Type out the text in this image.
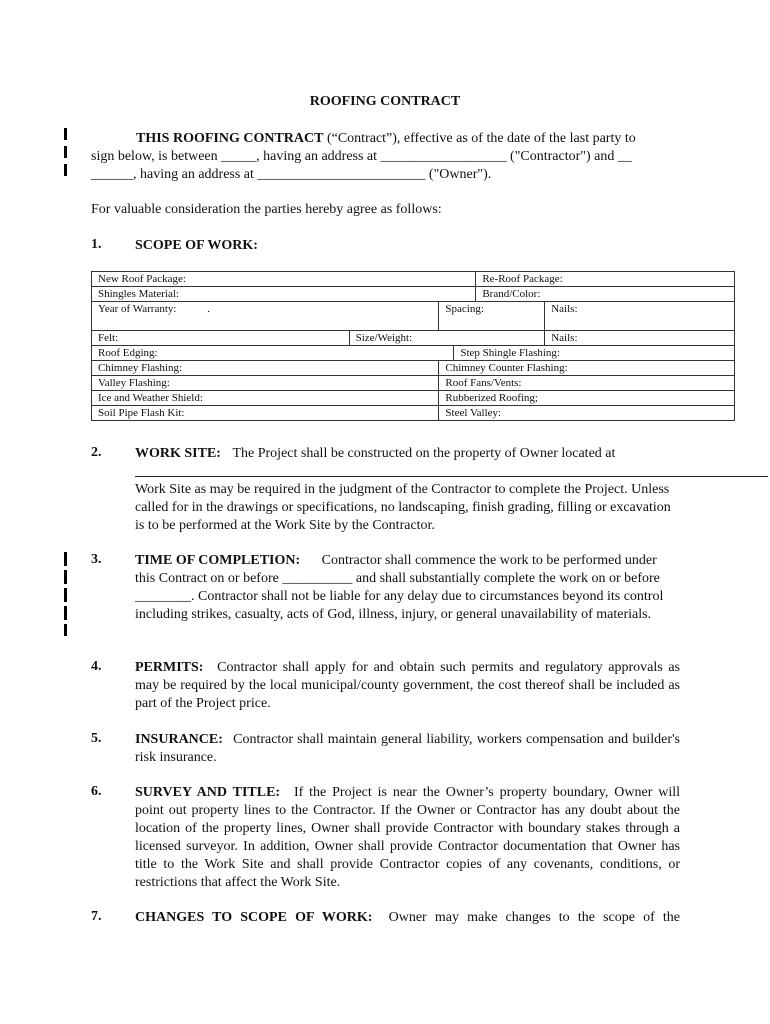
ROOFING CONTRACT
THIS ROOFING CONTRACT (“Contract”), effective as of the date of the last party to
sign below, is between _____, having an address at __________________ ("Contractor") and __
______, having an address at ________________________ ("Owner").
For valuable consideration the parties hereby agree as follows:
1. SCOPE OF WORK:
New Roof Package:				Re-Roof Package:	
Shingles Material:				Brand/Color:	
Year of Warranty: .		Spacing:			Nails:
Felt:	Size/Weight:				Nails:
Roof Edging:			Step Shingle Flashing:		
Chimney Flashing:		Chimney Counter Flashing:			
Valley Flashing:		Roof Fans/Vents:			
Ice and Weather Shield:		Rubberized Roofing;			
Soil Pipe Flash Kit:		Steel Valley:			
2. WORK SITE: The Project shall be constructed on the property of Owner located at
Work Site as may be required in the judgment of the Contractor to complete the Project. Unless called for in the drawings or specifications, no landscaping, finish grading, filling or excavation is to be performed at the Work Site by the Contractor.
3. TIME OF COMPLETION: Contractor shall commence the work to be performed under this Contract on or before __________ and shall substantially complete the work on or before ________. Contractor shall not be liable for any delay due to circumstances beyond its control including strikes, casualty, acts of God, illness, injury, or general unavailability of materials.
4. PERMITS: Contractor shall apply for and obtain such permits and regulatory approvals as may be required by the local municipal/county government, the cost thereof shall be included as part of the Project price.
5. INSURANCE: Contractor shall maintain general liability, workers compensation and builder's risk insurance.
6. SURVEY AND TITLE: If the Project is near the Owner’s property boundary, Owner will point out property lines to the Contractor. If the Owner or Contractor has any doubt about the location of the property lines, Owner shall provide Contractor with boundary stakes through a licensed surveyor. In addition, Owner shall provide Contractor documentation that Owner has title to the Work Site and shall provide Contractor copies of any covenants, conditions, or restrictions that affect the Work Site.
7. CHANGES TO SCOPE OF WORK: Owner may make changes to the scope of the
